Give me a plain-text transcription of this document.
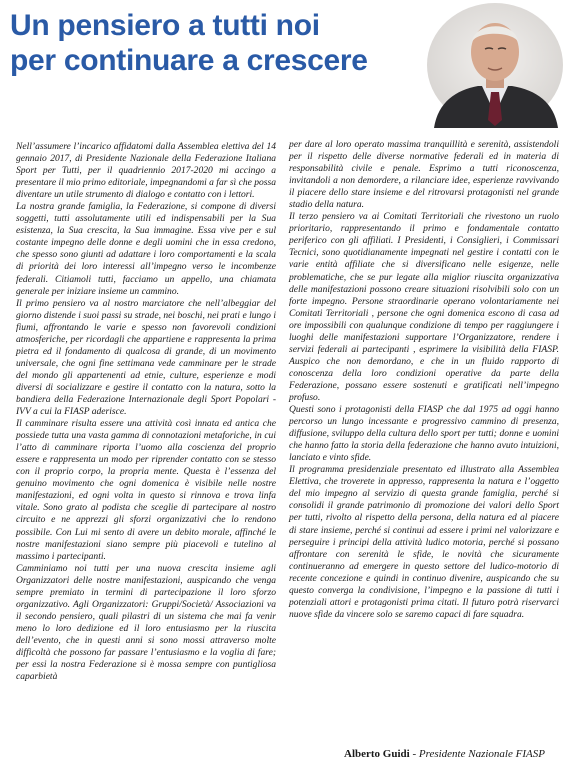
Un pensiero a tutti noi
per continuare a crescere

Nell’assumere l’incarico affidatomi dalla Assemblea elettiva del 14 gennaio 2017, di Presidente Nazionale della Federazione Italiana Sport per Tutti, per il quadriennio 2017-2020 mi accingo a presentare il mio primo editoriale, impegnandomi a far sì che possa diventare un utile strumento di dialogo e contatto con i lettori.

La nostra grande famiglia, la Federazione, si compone di diversi soggetti, tutti assolutamente utili ed indispensabili per la Sua esistenza, la Sua crescita, la Sua immagine. Essa vive per e sul costante impegno delle donne e degli uomini che in essa credono, che spesso sono giunti ad adattare i loro comportamenti e la scala di priorità dei loro interessi all’impegno verso le incombenze federali. Citiamoli tutti, facciamo un appello, una chiamata generale per iniziare insieme un cammino.

Il primo pensiero va al nostro marciatore che nell’albeggiar del giorno distende i suoi passi su strade, nei boschi, nei prati e lungo i fiumi, affrontando le varie e spesso non favorevoli condizioni atmosferiche, per ricordagli che appartiene e rappresenta la prima pietra ed il fondamento di qualcosa di grande, di un movimento universale, che ogni fine settimana vede camminare per le strade del mondo gli appartenenti ad etnie, culture, esperienze e modi diversi di socializzare e gestire il contatto con la natura, sotto la bandiera della Federazione Internazionale degli Sport Popolari - IVV a cui la FIASP aderisce.

Il camminare risulta essere una attività così innata ed antica che possiede tutta una vasta gamma di connotazioni metaforiche, in cui l’atto di camminare riporta l’uomo alla coscienza del proprio essere e rappresenta un modo per riprender contatto con se stesso con il proprio corpo, la propria mente. Questa è l’essenza del genuino movimento che ogni domenica è visibile nelle nostre manifestazioni, ed ogni volta in questo si rinnova e trova linfa vitale. Sono grato al podista che sceglie di partecipare al nostro circuito e ne apprezzi gli sforzi organizzativi che lo rendono possibile. Con Lui mi sento di avere un debito morale, affinché le nostre manifestazioni siano sempre più piacevoli e tutelino al massimo i partecipanti.

Camminiamo noi tutti per una nuova crescita insieme agli Organizzatori delle nostre manifestazioni, auspicando che venga sempre premiato in termini di partecipazione il loro sforzo organizzativo. Agli Organizzatori: Gruppi/Società/ Associazioni va il secondo pensiero, quali pilastri di un sistema che mai fa venir meno lo loro dedizione ed il loro entusiasmo per la riuscita dell’evento, che in questi anni si sono mossi attraverso molte difficoltà che possono far passare l’entusiasmo e la voglia di fare; per essi la nostra Federazione si è mossa sempre con puntigliosa caparbietà

per dare al loro operato massima tranquillità e serenità, assistendoli per il rispetto delle diverse normative federali ed in materia di responsabilità civile e penale. Esprimo a tutti riconoscenza, invitandoli a non demordere, a rilanciare idee, esperienze ravvivando il piacere dello stare insieme e del ritrovarsi protagonisti nel grande stadio della natura.

Il terzo pensiero va ai Comitati Territoriali che rivestono un ruolo prioritario, rappresentando il primo e fondamentale contatto periferico con gli affiliati. I Presidenti, i Consiglieri, i Commissari Tecnici, sono quotidianamente impegnati nel gestire i contatti con le varie entità affiliate che si diversificano nelle esigenze, nelle problematiche, che se pur legate alla miglior riuscita organizzativa delle manifestazioni possono creare situazioni risolvibili solo con un forte impegno. Persone straordinarie operano volontariamente nei Comitati Territoriali , persone che ogni domenica escono di casa ad ore impossibili con qualunque condizione di tempo per raggiungere i luoghi delle manifestazioni supportare l’Organizzatore, rendere i servizi federali ai partecipanti , esprimere la visibilità della FIASP. Auspico che non demordano, e che in un fluido rapporto di conoscenza della loro condizioni operative da parte della Federazione, possano essere sostenuti e gratificati nell’impegno profuso.

Questi sono i protagonisti della FIASP che dal 1975 ad oggi hanno percorso un lungo incessante e progressivo cammino di presenza, diffusione, sviluppo della cultura dello sport per tutti; donne e uomini che hanno fatto la storia della federazione che hanno avuto intuizioni, lanciato e vinto sfide.

Il programma presidenziale presentato ed illustrato alla Assemblea Elettiva, che troverete in appresso, rappresenta la natura e l’oggetto del mio impegno al servizio di questa grande famiglia, perché si consolidi il grande patrimonio di promozione dei valori dello Sport per tutti, rivolto al rispetto della persona, della natura ed al piacere di stare insieme, perché si continui ad essere i primi nel valorizzare e perseguire i principi della attività ludico motoria, perché si possano affrontare con serenità le sfide, le novità che sicuramente continueranno ad emergere in questo settore del ludico-motorio di recente concezione e quindi in continuo divenire, auspicando che su questo converga la condivisione, l’impegno e la passione di tutti i potenziali attori e protagonisti prima citati. Il futuro potrà riservarci nuove sfide da vincere solo se saremo capaci di fare squadra.

Alberto Guidi - Presidente Nazionale FIASP
